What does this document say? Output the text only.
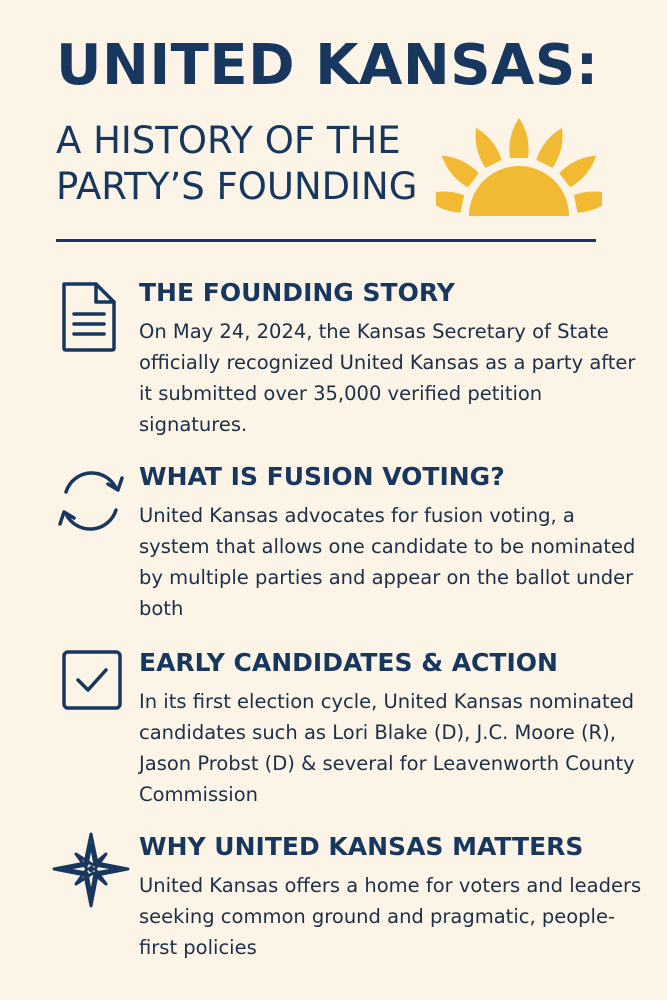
UNITED KANSAS:
A HISTORY OF THE
PARTY’S FOUNDING
THE FOUNDING STORY

On May 24, 2024, the Kansas Secretary of State officially recognized United Kansas as a party after it submitted over 35,000 verified petition signatures.

WHAT IS FUSION VOTING?

United Kansas advocates for fusion voting, a system that allows one candidate to be nominated by multiple parties and appear on the ballot under both

EARLY CANDIDATES & ACTION

In its first election cycle, United Kansas nominated candidates such as Lori Blake (D), J.C. Moore (R), Jason Probst (D) & several for Leavenworth County Commission

WHY UNITED KANSAS MATTERS

United Kansas offers a home for voters and leaders seeking common ground and pragmatic, people-first policies
